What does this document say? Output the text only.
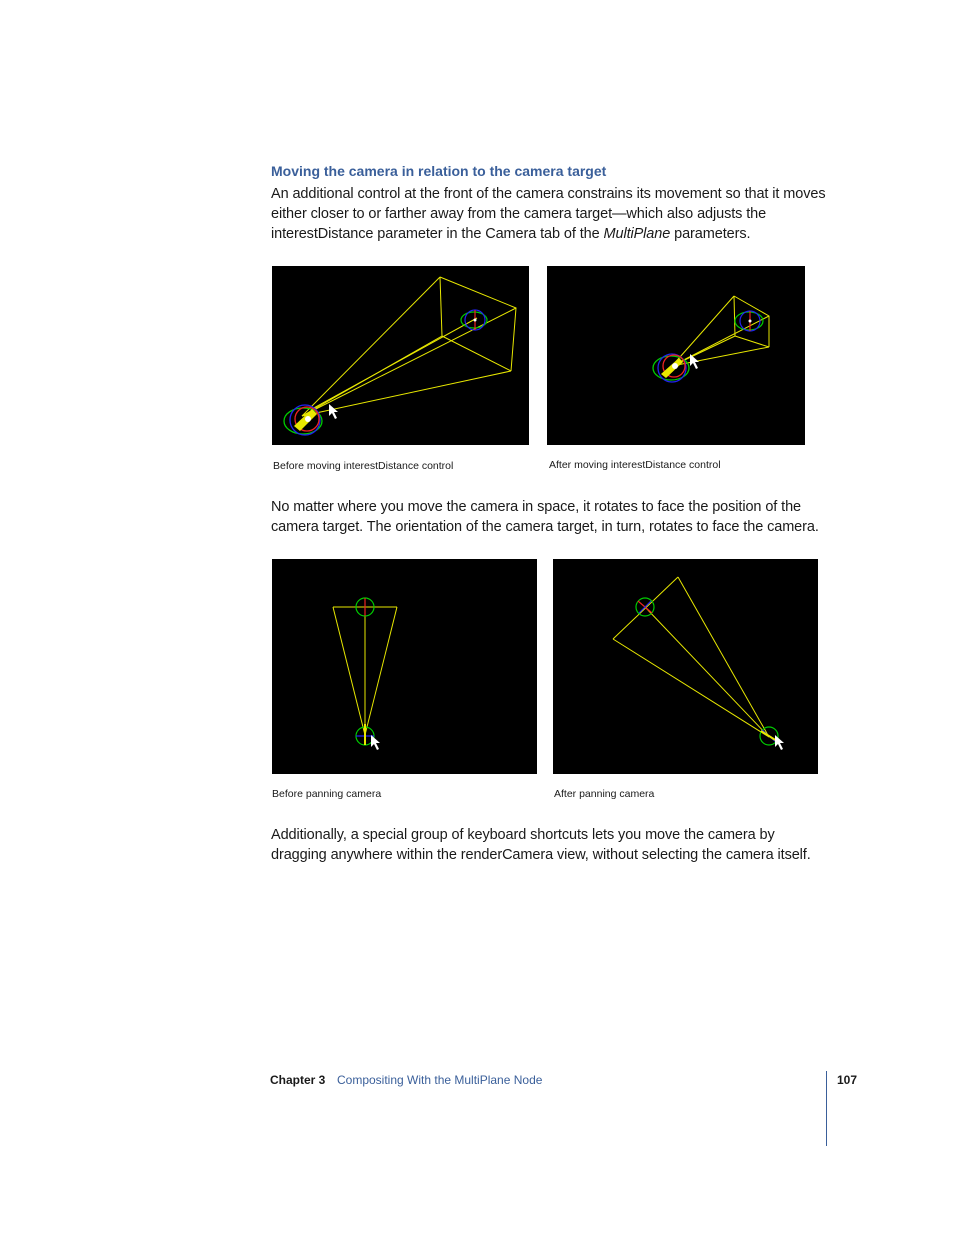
Moving the camera in relation to the camera target

An additional control at the front of the camera constrains its movement so that it moves either closer to or farther away from the camera target—which also adjusts the interestDistance parameter in the Camera tab of the MultiPlane parameters.

Before moving interestDistance control	After moving interestDistance control

No matter where you move the camera in space, it rotates to face the position of the camera target. The orientation of the camera target, in turn, rotates to face the camera.

Before panning camera	After panning camera

Additionally, a special group of keyboard shortcuts lets you move the camera by dragging anywhere within the renderCamera view, without selecting the camera itself.

Chapter 3 Compositing With the MultiPlane Node	107
